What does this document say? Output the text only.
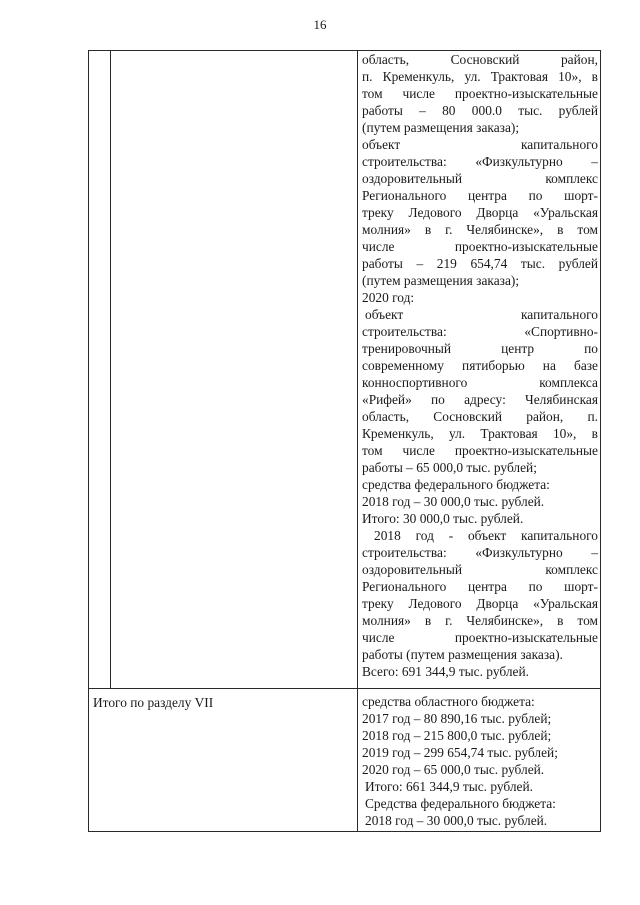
16
область, Сосновский район,
п. Кременкуль, ул. Трактовая 10», в
том числе проектно-изыскательные
работы – 80 000.0 тыс. рублей
(путем размещения заказа);
объект капитального
строительства: «Физкультурно –
оздоровительный комплекс
Регионального центра по шорт-
треку Ледового Дворца «Уральская
молния» в г. Челябинске», в том
числе проектно-изыскательные
работы – 219 654,74 тыс. рублей
(путем размещения заказа);
2020 год:
объект капитального
строительства: «Спортивно-
тренировочный центр по
современному пятиборью на базе
конноспортивного комплекса
«Рифей» по адресу: Челябинская
область, Сосновский район, п.
Кременкуль, ул. Трактовая 10», в
том числе проектно-изыскательные
работы – 65 000,0 тыс. рублей;
средства федерального бюджета:
2018 год – 30 000,0 тыс. рублей.
Итого: 30 000,0 тыс. рублей.
2018 год - объект капитального
строительства: «Физкультурно –
оздоровительный комплекс
Регионального центра по шорт-
треку Ледового Дворца «Уральская
молния» в г. Челябинске», в том
числе проектно-изыскательные
работы (путем размещения заказа).
Всего: 691 344,9 тыс. рублей.
Итого по разделу VII	средства областного бюджета:
2017 год – 80 890,16 тыс. рублей;
2018 год – 215 800,0 тыс. рублей;
2019 год – 299 654,74 тыс. рублей;
2020 год – 65 000,0 тыс. рублей.
Итого: 661 344,9 тыс. рублей.
Средства федерального бюджета:
2018 год – 30 000,0 тыс. рублей.
